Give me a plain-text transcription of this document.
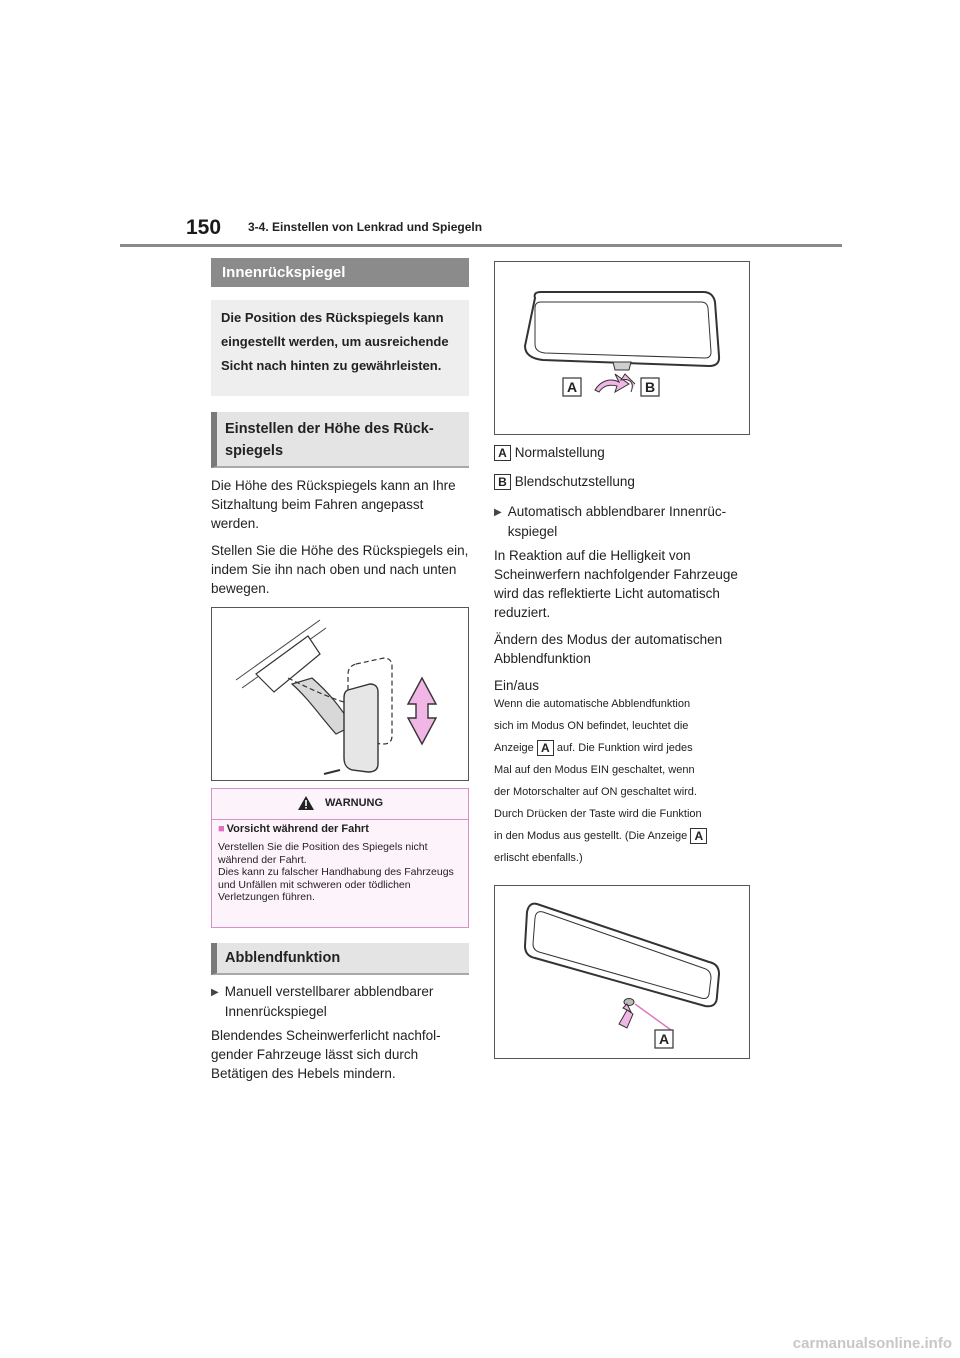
150 3-4. Einstellen von Lenkrad und Spiegeln
Innenrückspiegel
Die Position des Rückspiegels kann eingestellt werden, um ausreichende Sicht nach hinten zu gewährleisten.
Einstellen der Höhe des Rückspiegels

Die Höhe des Rückspiegels kann an Ihre Sitzhaltung beim Fahren angepasst werden.

Stellen Sie die Höhe des Rückspiegels ein, indem Sie ihn nach oben und nach unten bewegen.

WARNUNG
■ Vorsicht während der Fahrt
Verstellen Sie die Position des Spiegels nicht während der Fahrt.
Dies kann zu falscher Handhabung des Fahrzeugs und Unfällen mit schweren oder tödlichen Verletzungen führen.
Abblendfunktion
▶ Manuell verstellbarer abblendbarer Innenrückspiegel

Blendendes Scheinwerferlicht nachfolgender Fahrzeuge lässt sich durch Betätigen des Hebels mindern.

A	B
A Normalstellung
B Blendschutzstellung
▶ Automatisch abblendbarer Innenrückspiegel

In Reaktion auf die Helligkeit von Scheinwerfern nachfolgender Fahrzeuge wird das reflektierte Licht automatisch reduziert.

Ändern des Modus der automatischen Abblendfunktion

Ein/aus

Wenn die automatische Abblendfunktion
sich im Modus ON befindet, leuchtet die
Anzeige A auf. Die Funktion wird jedes
Mal auf den Modus EIN geschaltet, wenn
der Motorschalter auf ON geschaltet wird.
Durch Drücken der Taste wird die Funktion
in den Modus aus gestellt. (Die Anzeige A
erlischt ebenfalls.)
A
carmanualsonline.info
